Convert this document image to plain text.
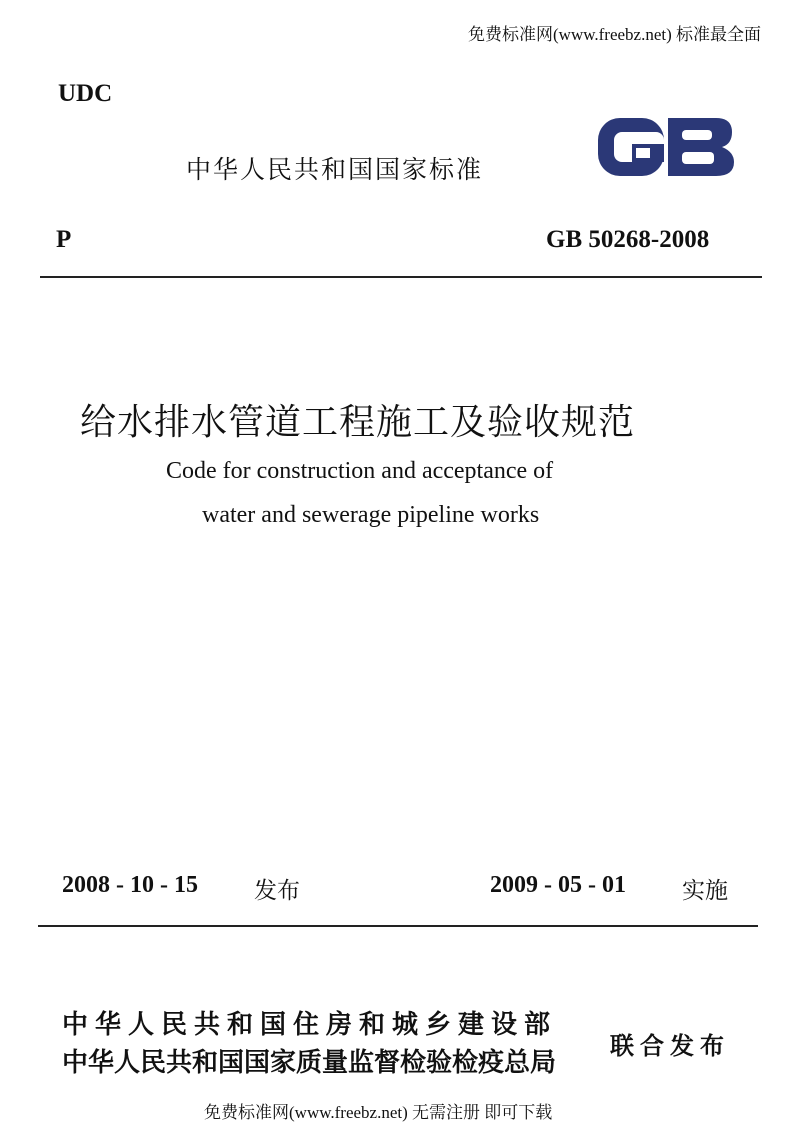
免费标准网(www.freebz.net) 标准最全面
UDC
中华人民共和国国家标准
P	GB 50268-2008
给水排水管道工程施工及验收规范
Code for construction and acceptance of
water and sewerage pipeline works
2008 - 10 - 15 发布	2009 - 05 - 01 实施
中华人民共和国住房和城乡建设部
中华人民共和国国家质量监督检验检疫总局
联合发布
免费标准网(www.freebz.net) 无需注册 即可下载
